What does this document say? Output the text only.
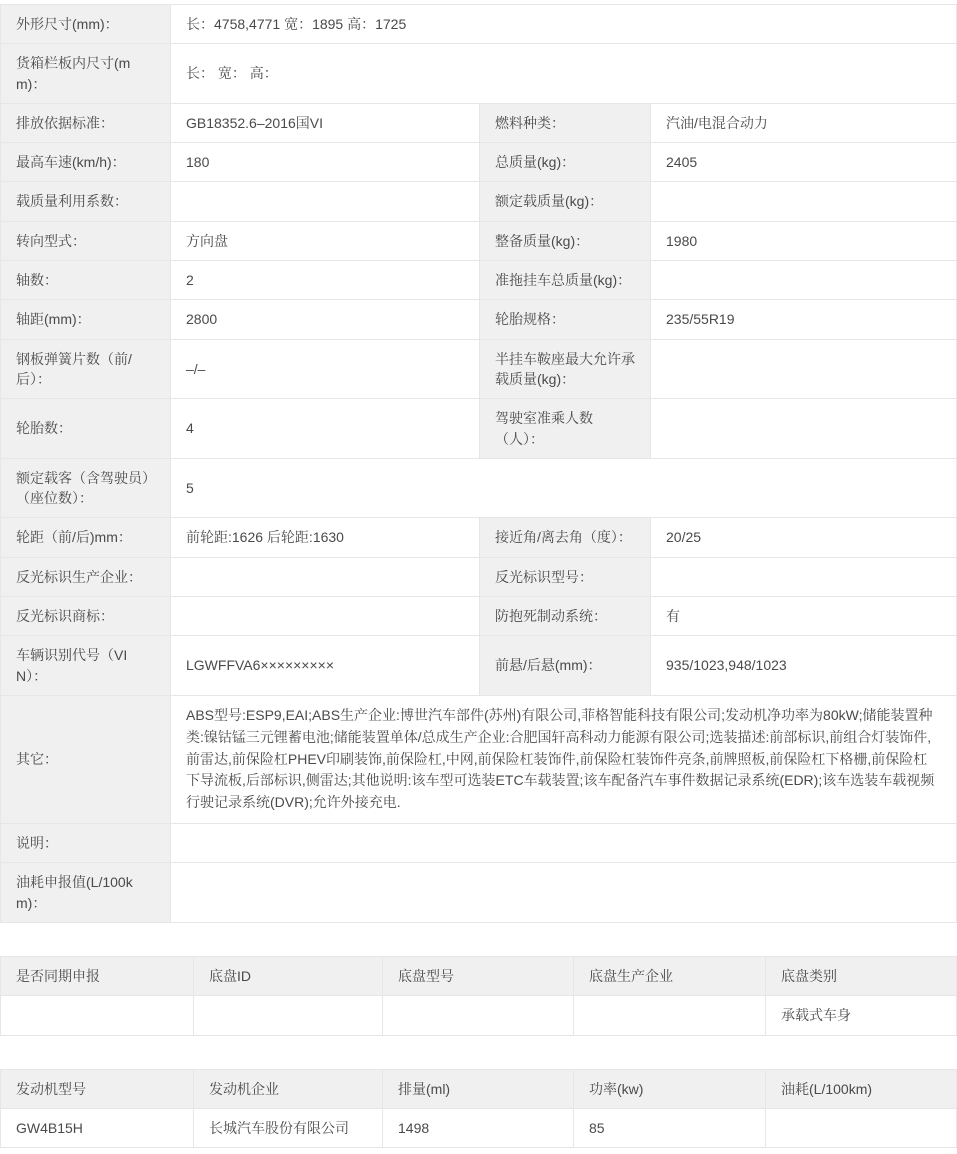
外形尺寸(mm)：	长：4758,4771 宽：1895 高：1725		
货箱栏板内尺寸(mm)：	长： 宽： 高：		
排放依据标准：	GB18352.6–2016国VI	燃料种类：	汽油/电混合动力
最高车速(km/h)：	180	总质量(kg)：	2405
载质量利用系数：		额定载质量(kg)：	
转向型式：	方向盘	整备质量(kg)：	1980
轴数：	2	准拖挂车总质量(kg)：	
轴距(mm)：	2800	轮胎规格：	235/55R19
钢板弹簧片数（前/后）：	–/–	半挂车鞍座最大允许承载质量(kg)：	
轮胎数：	4	驾驶室准乘人数（人）：	
额定载客（含驾驶员）（座位数）：	5		
轮距（前/后)mm：	前轮距:1626 后轮距:1630	接近角/离去角（度）：	20/25
反光标识生产企业：		反光标识型号：	
反光标识商标：		防抱死制动系统：	有
车辆识别代号（VIN）：	LGWFFVA6×××××××××	前悬/后悬(mm)：	935/1023,948/1023
其它：	ABS型号:ESP9,EAI;ABS生产企业:博世汽车部件(苏州)有限公司,菲格智能科技有限公司;发动机净功率为80kW;储能装置种类:镍钴锰三元锂蓄电池;储能装置单体/总成生产企业:合肥国轩高科动力能源有限公司;选装描述:前部标识,前组合灯装饰件,前雷达,前保险杠PHEV印刷装饰,前保险杠,中网,前保险杠装饰件,前保险杠装饰件亮条,前牌照板,前保险杠下格栅,前保险杠下导流板,后部标识,侧雷达;其他说明:该车型可选装ETC车载装置;该车配备汽车事件数据记录系统(EDR);该车选装车载视频行驶记录系统(DVR);允许外接充电.		
说明：			
油耗申报值(L/100km)：			
是否同期申报	底盘ID	底盘型号	底盘生产企业	底盘类别
				承载式车身
发动机型号	发动机企业	排量(ml)	功率(kw)	油耗(L/100km)
GW4B15H	长城汽车股份有限公司	1498	85	
